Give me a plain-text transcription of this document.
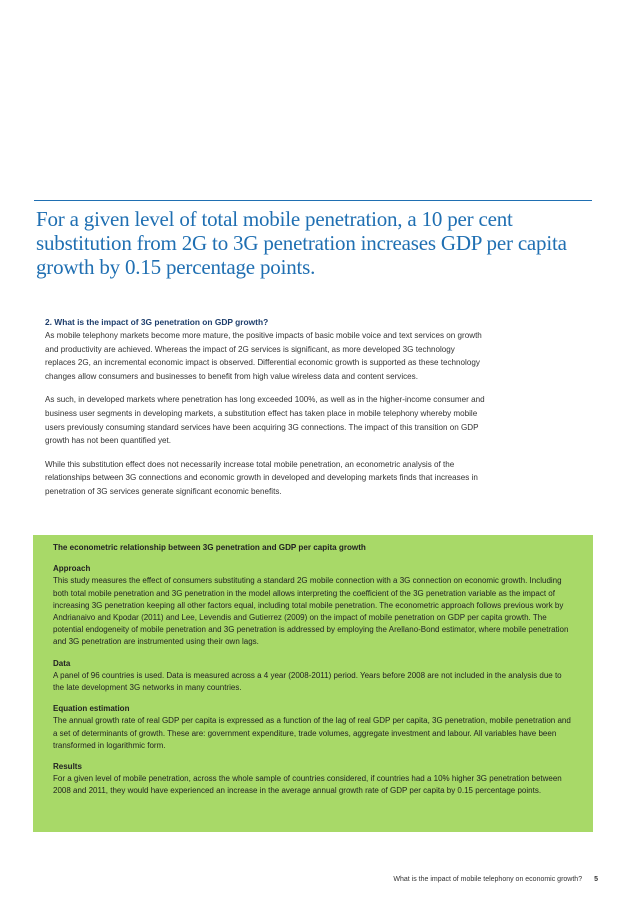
For a given level of total mobile penetration, a 10 per cent substitution from 2G to 3G penetration increases GDP per capita growth by 0.15 percentage points.
2. What is the impact of 3G penetration on GDP growth?

As mobile telephony markets become more mature, the positive impacts of basic mobile voice and text services on growth and productivity are achieved. Whereas the impact of 2G services is significant, as more developed 3G technology replaces 2G, an incremental economic impact is observed. Differential economic growth is supported as these technology changes allow consumers and businesses to benefit from high value wireless data and content services.

As such, in developed markets where penetration has long exceeded 100%, as well as in the higher-income consumer and business user segments in developing markets, a substitution effect has taken place in mobile telephony whereby mobile users previously consuming standard services have been acquiring 3G connections. The impact of this transition on GDP growth has not been quantified yet.

While this substitution effect does not necessarily increase total mobile penetration, an econometric analysis of the relationships between 3G connections and economic growth in developed and developing markets finds that increases in penetration of 3G services generate significant economic benefits.

The econometric relationship between 3G penetration and GDP per capita growth
Approach

This study measures the effect of consumers substituting a standard 2G mobile connection with a 3G connection on economic growth. Including both total mobile penetration and 3G penetration in the model allows interpreting the coefficient of the 3G penetration variable as the impact of increasing 3G penetration keeping all other factors equal, including total mobile penetration. The econometric approach follows previous work by Andrianaivo and Kpodar (2011) and Lee, Levendis and Gutierrez (2009) on the impact of mobile penetration on GDP per capita growth. The potential endogeneity of mobile penetration and 3G penetration is addressed by employing the Arellano-Bond estimator, where mobile penetration and 3G penetration are instrumented using their own lags.

Data

A panel of 96 countries is used. Data is measured across a 4 year (2008-2011) period. Years before 2008 are not included in the analysis due to the late development 3G networks in many countries.

Equation estimation

The annual growth rate of real GDP per capita is expressed as a function of the lag of real GDP per capita, 3G penetration, mobile penetration and a set of determinants of growth. These are: government expenditure, trade volumes, aggregate investment and labour. All variables have been transformed in logarithmic form.

Results

For a given level of mobile penetration, across the whole sample of countries considered, if countries had a 10% higher 3G penetration between 2008 and 2011, they would have experienced an increase in the average annual growth rate of GDP per capita by 0.15 percentage points.

What is the impact of mobile telephony on economic growth? 5
